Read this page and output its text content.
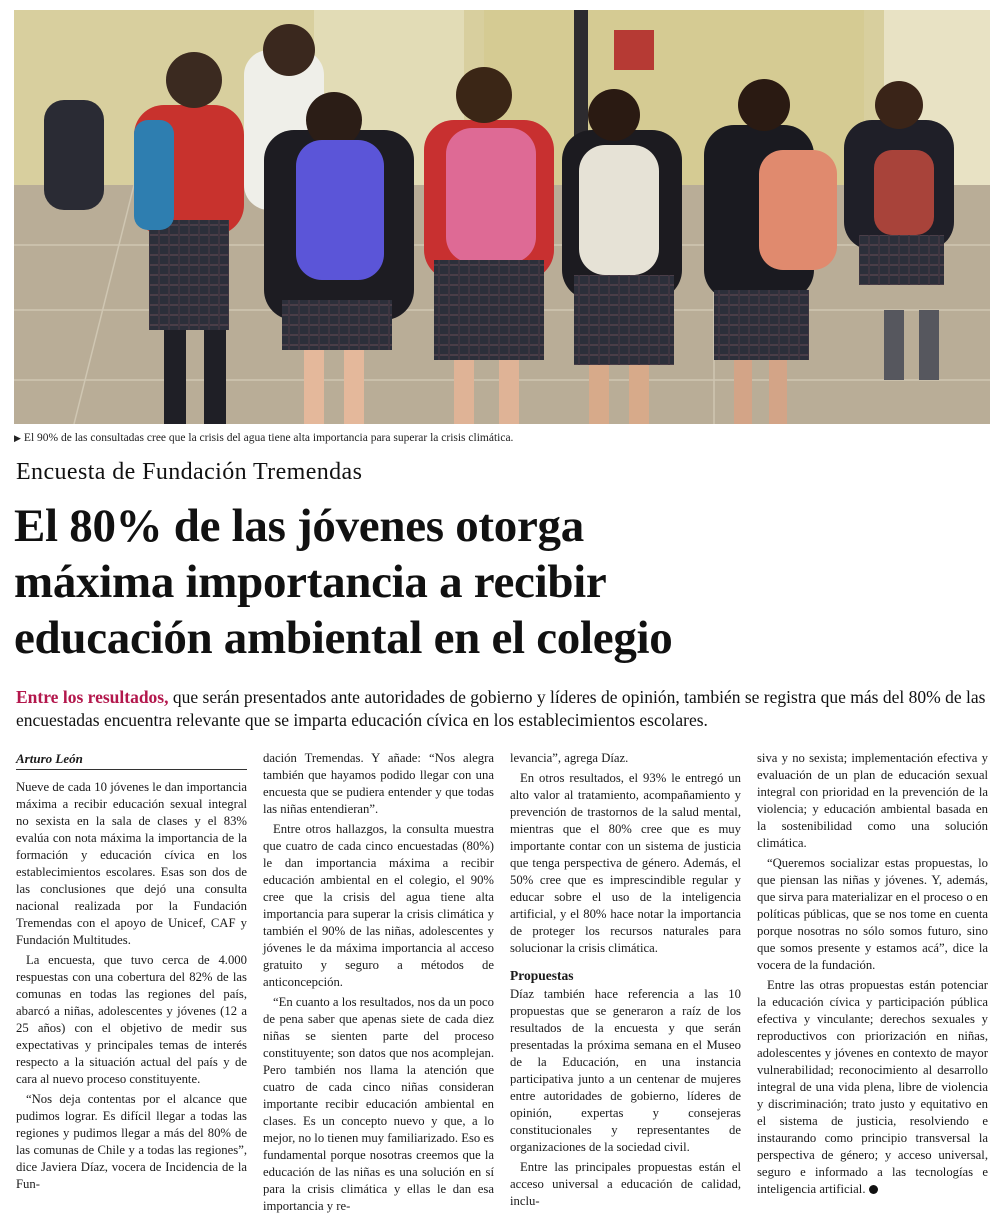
▶ El 90% de las consultadas cree que la crisis del agua tiene alta importancia para superar la crisis climática.
Encuesta de Fundación Tremendas
El 80% de las jóvenes otorga
máxima importancia a recibir
educación ambiental en el colegio
Entre los resultados, que serán presentados ante autoridades de gobierno y líderes de opinión, también se registra que más del 80% de las encuestadas encuentra relevante que se imparta educación cívica en los establecimientos escolares.
Arturo León

Nueve de cada 10 jóvenes le dan importancia máxima a recibir educación sexual integral no sexista en la sala de clases y el 83% evalúa con nota máxima la importancia de la formación y educación cívica en los establecimientos escolares. Esas son dos de las conclusiones que dejó una consulta nacional realizada por la Fundación Tremendas con el apoyo de Unicef, CAF y Fundación Multitudes.

La encuesta, que tuvo cerca de 4.000 respuestas con una cobertura del 82% de las comunas en todas las regiones del país, abarcó a niñas, adolescentes y jóvenes (12 a 25 años) con el objetivo de medir sus expectativas y principales temas de interés respecto a la situación actual del país y de cara al nuevo proceso constituyente.

“Nos deja contentas por el alcance que pudimos lograr. Es difícil llegar a todas las regiones y pudimos llegar a más del 80% de las comunas de Chile y a todas las regiones”, dice Javiera Díaz, vocera de Incidencia de la Fun-

dación Tremendas. Y añade: “Nos alegra también que hayamos podido llegar con una encuesta que se pudiera entender y que todas las niñas entendieran”.

Entre otros hallazgos, la consulta muestra que cuatro de cada cinco encuestadas (80%) le dan importancia máxima a recibir educación ambiental en el colegio, el 90% cree que la crisis del agua tiene alta importancia para superar la crisis climática y también el 90% de las niñas, adolescentes y jóvenes le da máxima importancia al acceso gratuito y seguro a métodos de anticoncepción.

“En cuanto a los resultados, nos da un poco de pena saber que apenas siete de cada diez niñas se sienten parte del proceso constituyente; son datos que nos acomplejan. Pero también nos llama la atención que cuatro de cada cinco niñas consideran importante recibir educación ambiental en clases. Es un concepto nuevo y que, a lo mejor, no lo tienen muy familiarizado. Eso es fundamental porque nosotras creemos que la educación de las niñas es una solución en sí para la crisis climática y ellas le dan esa importancia y re-

levancia”, agrega Díaz.

En otros resultados, el 93% le entregó un alto valor al tratamiento, acompañamiento y prevención de trastornos de la salud mental, mientras que el 80% cree que es muy importante contar con un sistema de justicia que tenga perspectiva de género. Además, el 50% cree que es imprescindible regular y educar sobre el uso de la inteligencia artificial, y el 80% hace notar la importancia de proteger los recursos naturales para solucionar la crisis climática.

Propuestas

Díaz también hace referencia a las 10 propuestas que se generaron a raíz de los resultados de la encuesta y que serán presentadas la próxima semana en el Museo de la Educación, en una instancia participativa junto a un centenar de mujeres entre autoridades de gobierno, líderes de opinión, expertas y consejeras constitucionales y representantes de organizaciones de la sociedad civil.

Entre las principales propuestas están el acceso universal a educación de calidad, inclu-

siva y no sexista; implementación efectiva y evaluación de un plan de educación sexual integral con prioridad en la prevención de la violencia; y educación ambiental basada en la sostenibilidad como una solución climática.

“Queremos socializar estas propuestas, lo que piensan las niñas y jóvenes. Y, además, que sirva para materializar en el proceso o en políticas públicas, que se nos tome en cuenta porque nosotras no sólo somos futuro, sino que somos presente y estamos acá”, dice la vocera de la fundación.

Entre las otras propuestas están potenciar la educación cívica y participación pública efectiva y vinculante; derechos sexuales y reproductivos con priorización en niñas, adolescentes y jóvenes en contexto de mayor vulnerabilidad; reconocimiento al desarrollo integral de una vida plena, libre de violencia y discriminación; trato justo y equitativo en el sistema de justicia, resolviendo e instaurando como principio transversal la perspectiva de género; y acceso universal, seguro e informado a las tecnologías e inteligencia artificial.
